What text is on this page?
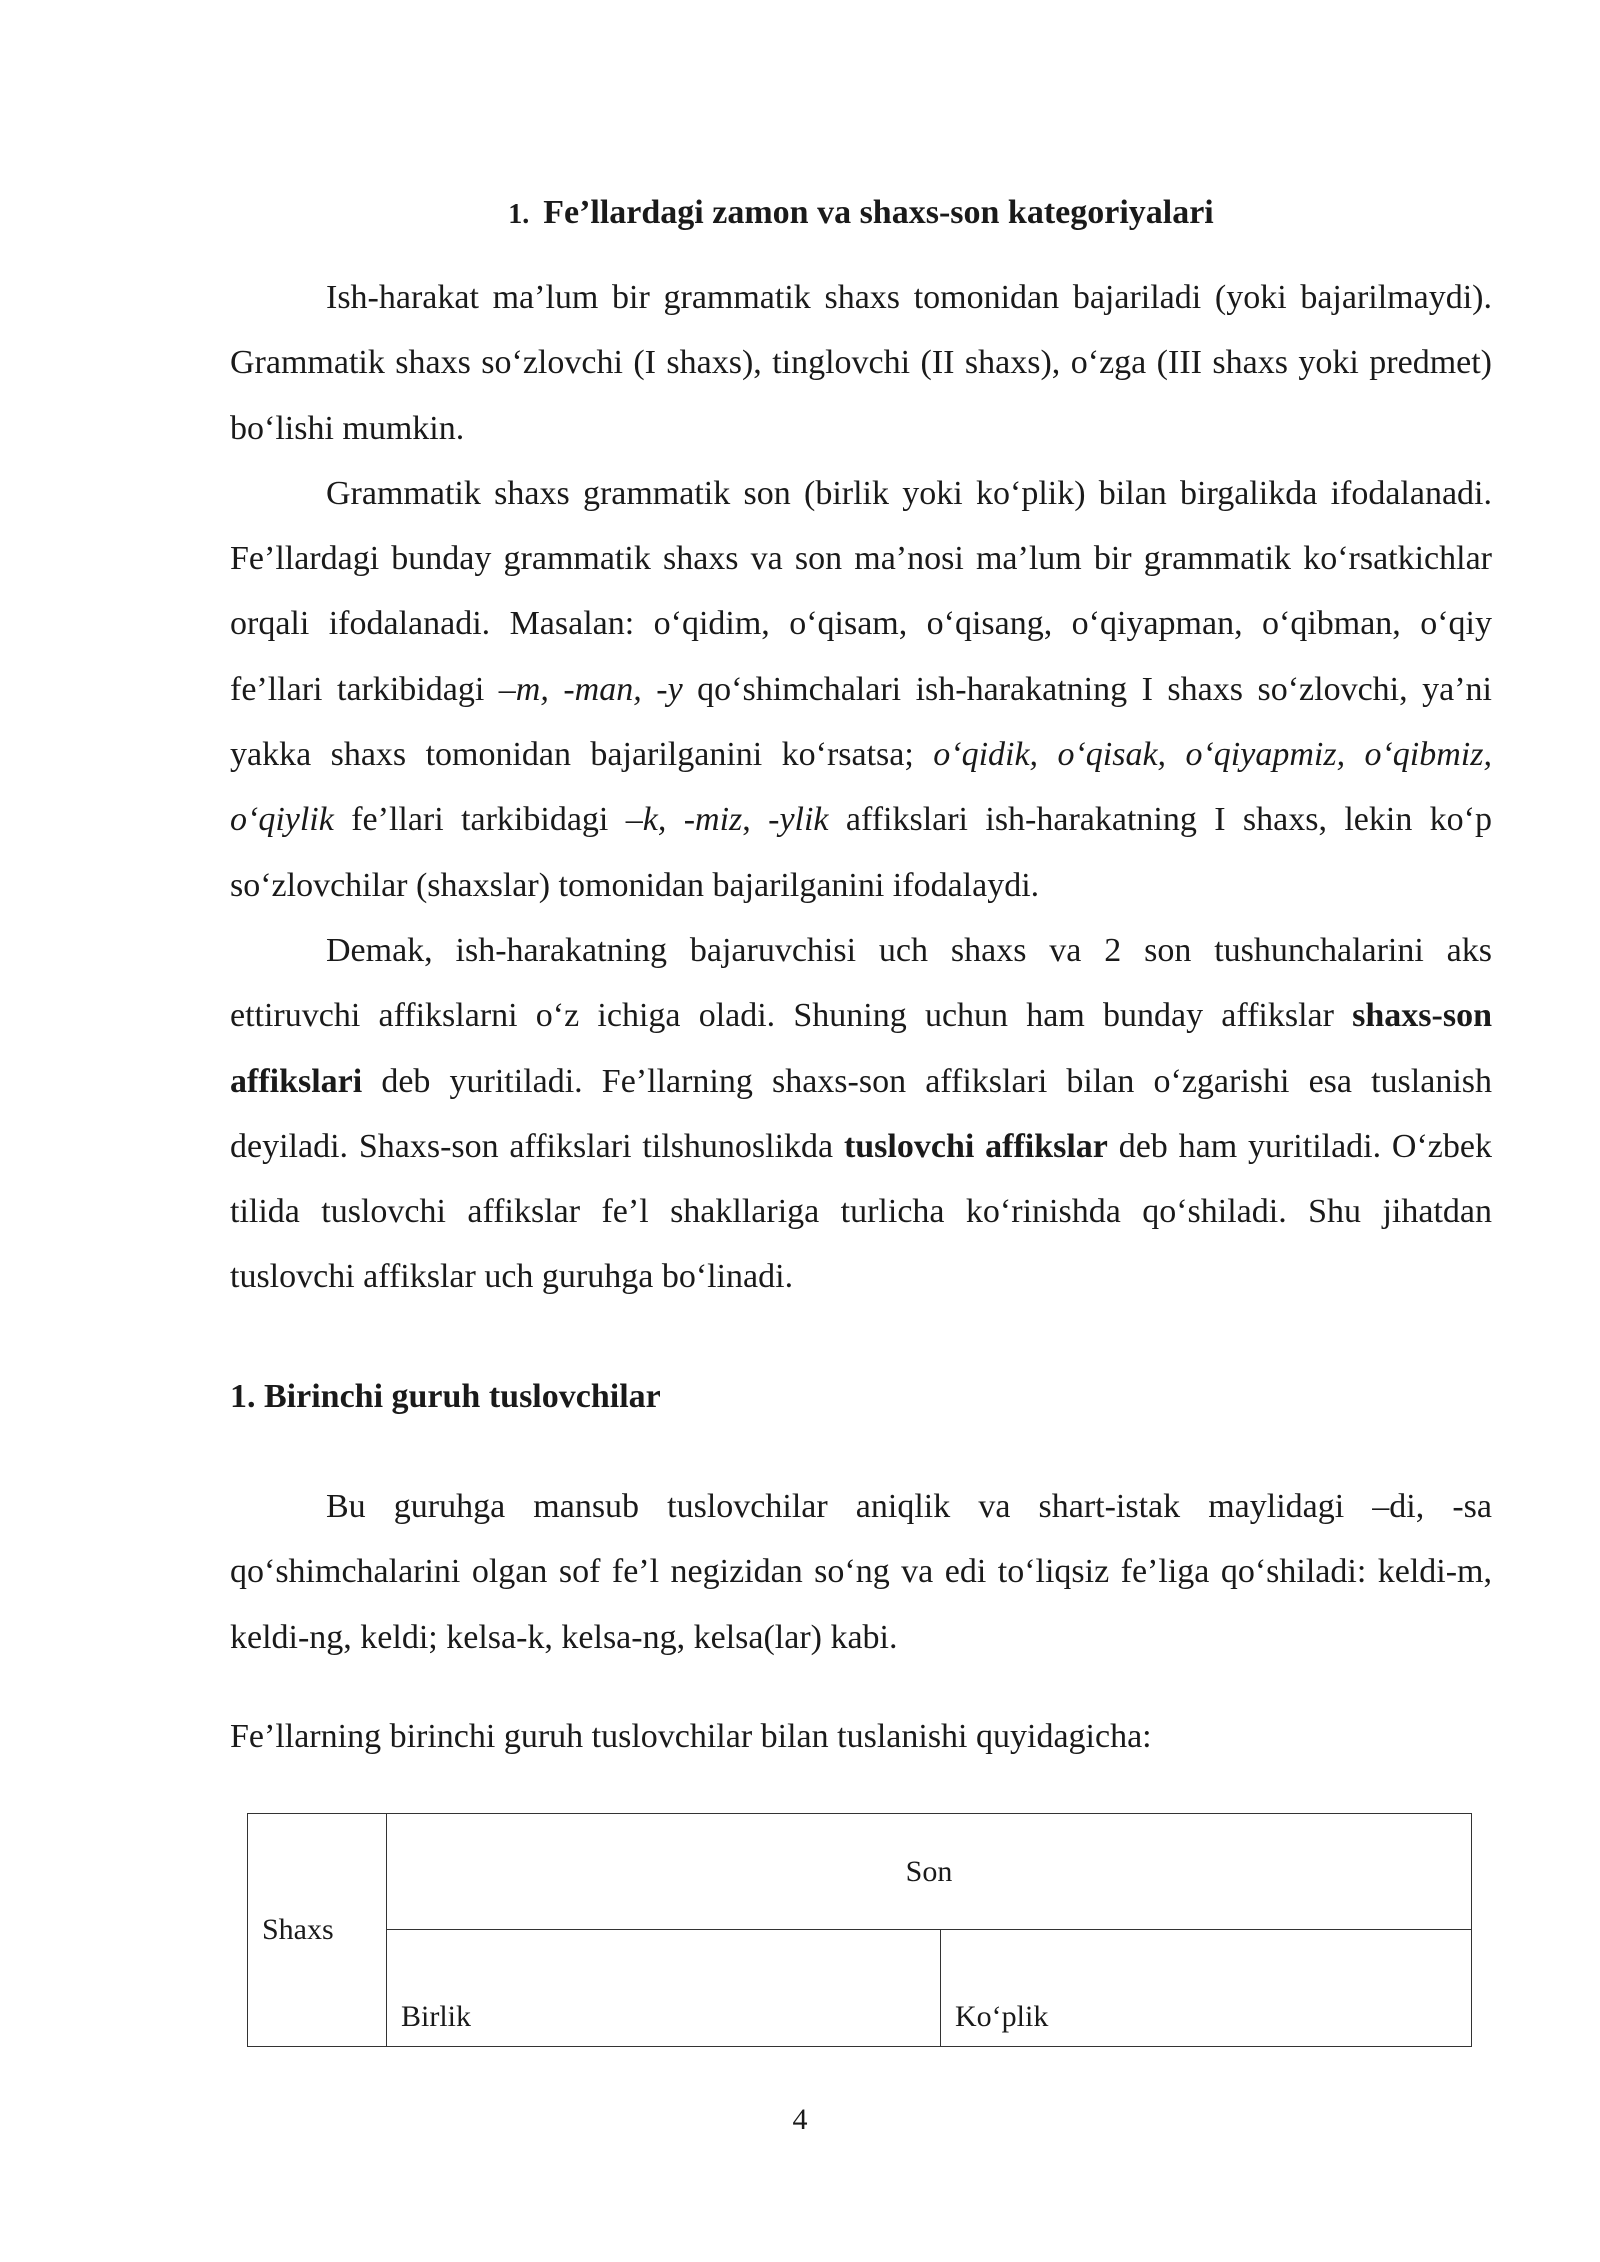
1. Fe’llardagi zamon va shaxs-son kategoriyalari

Ish-harakat ma’lum bir grammatik shaxs tomonidan bajariladi (yoki bajarilmaydi). Grammatik shaxs so‘zlovchi (I shaxs), tinglovchi (II shaxs), o‘zga (III shaxs yoki predmet) bo‘lishi mumkin.

Grammatik shaxs grammatik son (birlik yoki ko‘plik) bilan birgalikda ifodalanadi. Fe’llardagi bunday grammatik shaxs va son ma’nosi ma’lum bir grammatik ko‘rsatkichlar orqali ifodalanadi. Masalan: o‘qidim, o‘qisam, o‘qisang, o‘qiyapman, o‘qibman, o‘qiy fe’llari tarkibidagi –m, -man, -y qo‘shimchalari ish-harakatning I shaxs so‘zlovchi, ya’ni yakka shaxs tomonidan bajarilganini ko‘rsatsa; o‘qidik, o‘qisak, o‘qiyapmiz, o‘qibmiz, o‘qiylik fe’llari tarkibidagi –k, -miz, -ylik affikslari ish-harakatning I shaxs, lekin ko‘p so‘zlovchilar (shaxslar) tomonidan bajarilganini ifodalaydi.

Demak, ish-harakatning bajaruvchisi uch shaxs va 2 son tushunchalarini aks ettiruvchi affikslarni o‘z ichiga oladi. Shuning uchun ham bunday affikslar shaxs-son affikslari deb yuritiladi. Fe’llarning shaxs-son affikslari bilan o‘zgarishi esa tuslanish deyiladi. Shaxs-son affikslari tilshunoslikda tuslovchi affikslar deb ham yuritiladi. O‘zbek tilida tuslovchi affikslar fe’l shakllariga turlicha ko‘rinishda qo‘shiladi. Shu jihatdan tuslovchi affikslar uch guruhga bo‘linadi.

1. Birinchi guruh tuslovchilar

Bu guruhga mansub tuslovchilar aniqlik va shart-istak maylidagi –di, -sa qo‘shimchalarini olgan sof fe’l negizidan so‘ng va edi to‘liqsiz fe’liga qo‘shiladi: keldi-m, keldi-ng, keldi; kelsa-k, kelsa-ng, kelsa(lar) kabi.

Fe’llarning birinchi guruh tuslovchilar bilan tuslanishi quyidagicha:
Shaxs	Son	
	Birlik	Ko‘plik
4
